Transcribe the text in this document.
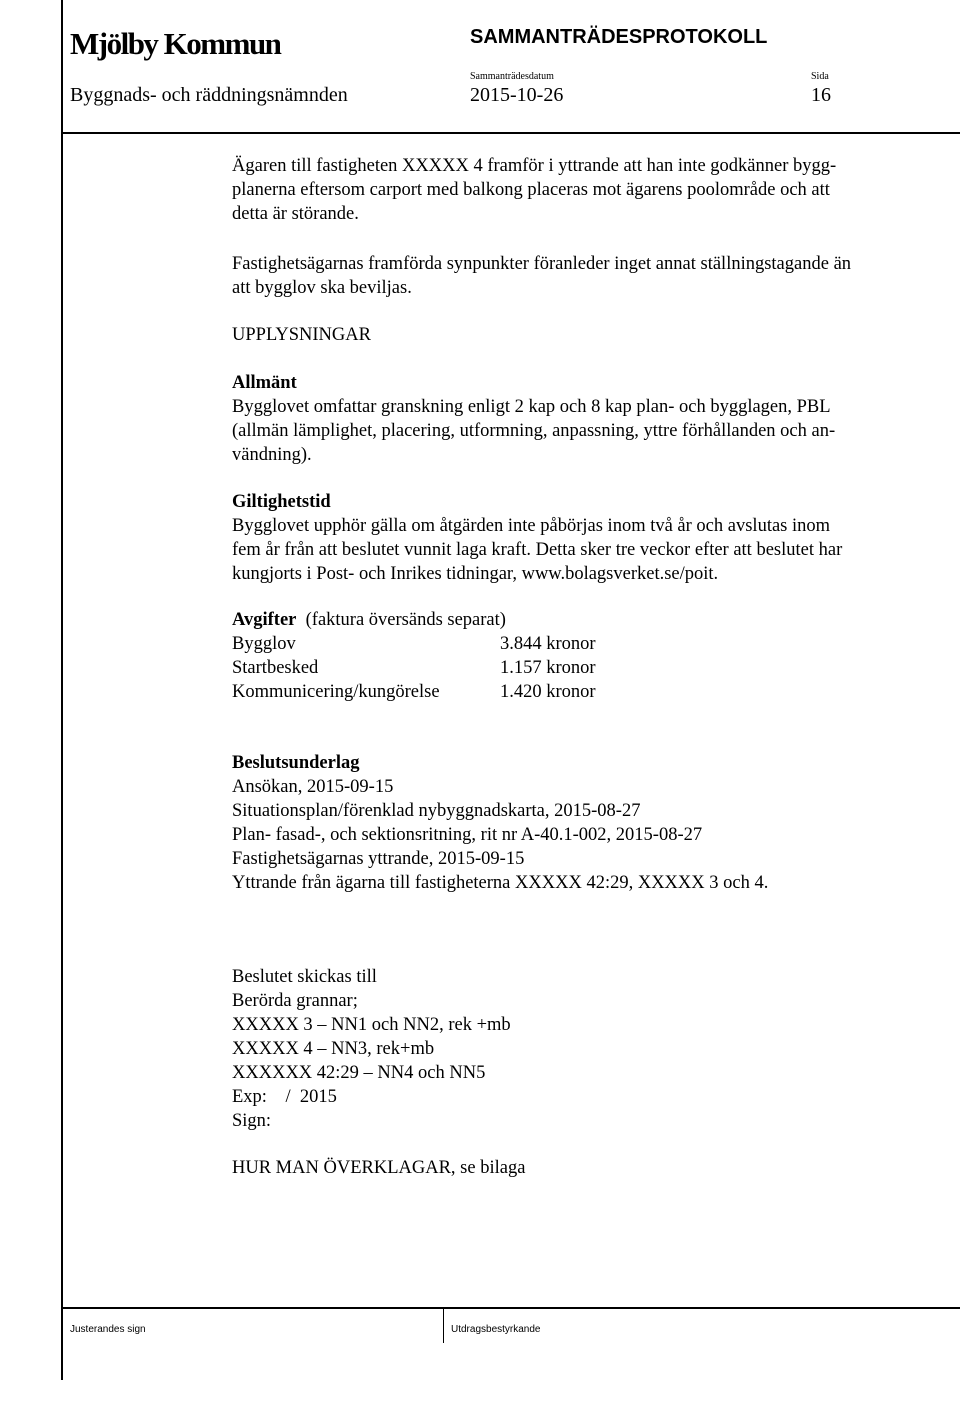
Mjölby Kommun	SAMMANTRÄDESPROTOKOLL
Sammanträdesdatum	Sida
Byggnads- och räddningsnämnden	2015-10-26	16

Ägaren till fastigheten XXXXX 4 framför i yttrande att han inte godkänner bygg-

planerna eftersom carport med balkong placeras mot ägarens poolområde och att

detta är störande.

Fastighetsägarnas framförda synpunkter föranleder inget annat ställningstagande än

att bygglov ska beviljas.

UPPLYSNINGAR

Allmänt

Bygglovet omfattar granskning enligt 2 kap och 8 kap plan- och bygglagen, PBL

(allmän lämplighet, placering, utformning, anpassning, yttre förhållanden och an-

vändning).

Giltighetstid

Bygglovet upphör gälla om åtgärden inte påbörjas inom två år och avslutas inom

fem år från att beslutet vunnit laga kraft. Detta sker tre veckor efter att beslutet har

kungjorts i Post- och Inrikes tidningar, www.bolagsverket.se/poit.

Avgifter (faktura översänds separat)

Bygglov	3.844 kronor
Startbesked	1.157 kronor
Kommunicering/kungörelse	1.420 kronor

Beslutsunderlag

Ansökan, 2015-09-15

Situationsplan/förenklad nybyggnadskarta, 2015-08-27

Plan- fasad-, och sektionsritning, rit nr A-40.1-002, 2015-08-27

Fastighetsägarnas yttrande, 2015-09-15

Yttrande från ägarna till fastigheterna XXXXX 42:29, XXXXX 3 och 4.

Beslutet skickas till

Berörda grannar;

XXXXX 3 – NN1 och NN2, rek +mb

XXXXX 4 – NN3, rek+mb

XXXXXX 42:29 – NN4 och NN5

Exp:    /  2015

Sign:

HUR MAN ÖVERKLAGAR, se bilaga
Justerandes sign	Utdragsbestyrkande
